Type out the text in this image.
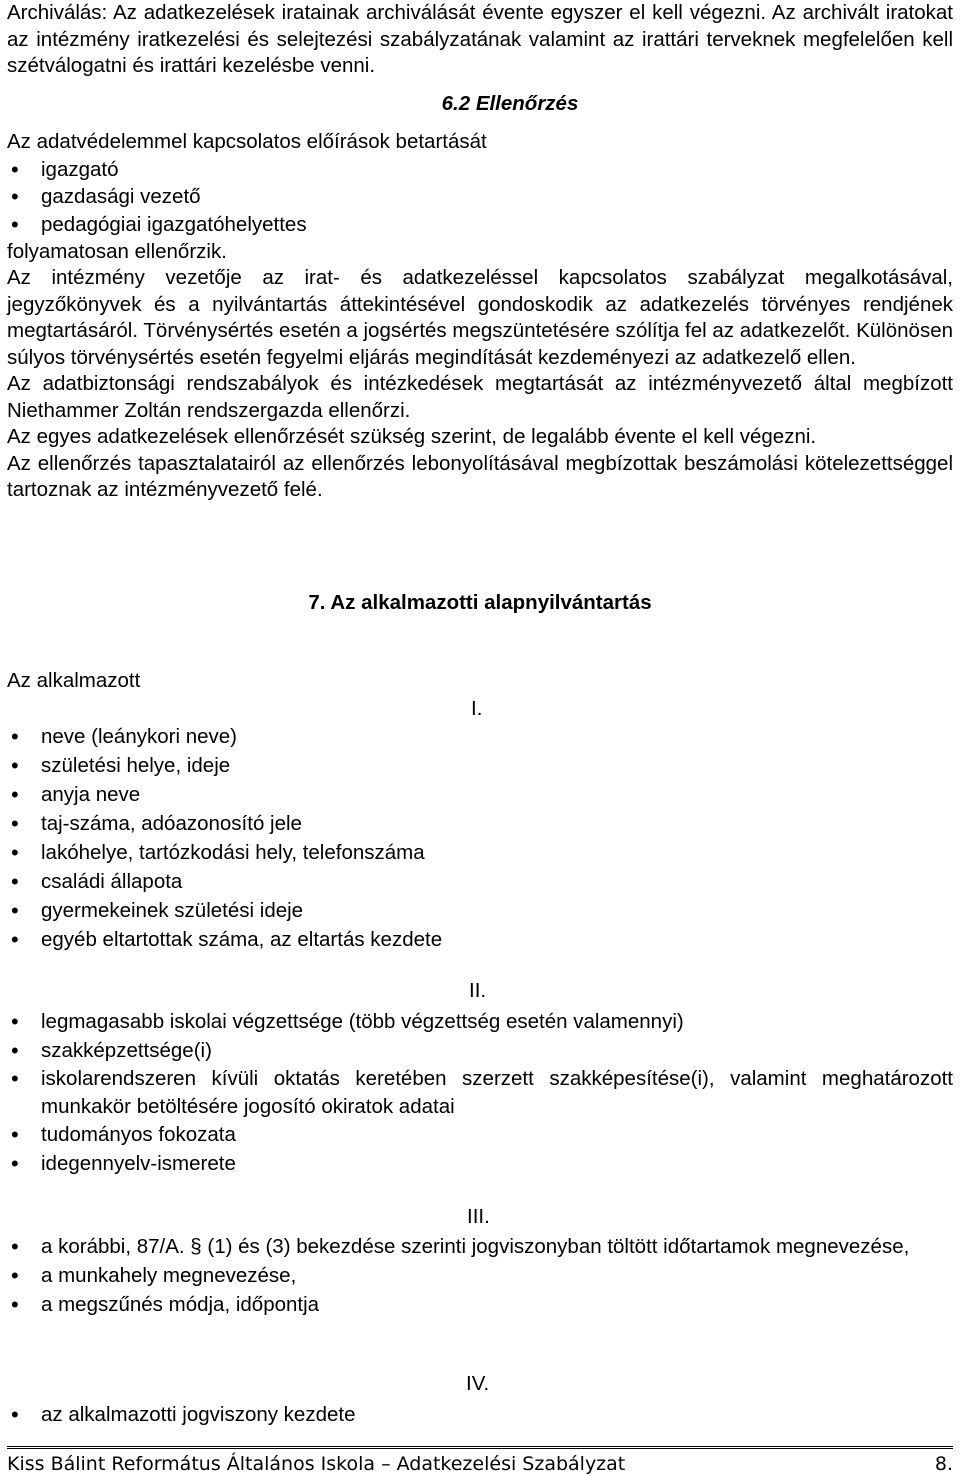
Archiválás: Az adatkezelések iratainak archiválását évente egyszer el kell végezni. Az archivált iratokat az intézmény iratkezelési és selejtezési szabályzatának valamint az irattári terveknek megfelelően kell szétválogatni és irattári kezelésbe venni.

6.2 Ellenőrzés

Az adatvédelemmel kapcsolatos előírások betartását

• igazgató
• gazdasági vezető
• pedagógiai igazgatóhelyettes

folyamatosan ellenőrzik.

Az intézmény vezetője az irat- és adatkezeléssel kapcsolatos szabályzat megalkotásával, jegyzőkönyvek és a nyilvántartás áttekintésével gondoskodik az adatkezelés törvényes rendjének megtartásáról. Törvénysértés esetén a jogsértés megszüntetésére szólítja fel az adatkezelőt. Különösen súlyos törvénysértés esetén fegyelmi eljárás megindítását kezdeményezi az adatkezelő ellen.

Az adatbiztonsági rendszabályok és intézkedések megtartását az intézményvezető által megbízott Niethammer Zoltán rendszergazda ellenőrzi.

Az egyes adatkezelések ellenőrzését szükség szerint, de legalább évente el kell végezni.

Az ellenőrzés tapasztalatairól az ellenőrzés lebonyolításával megbízottak beszámolási kötelezettséggel tartoznak az intézményvezető felé.

7. Az alkalmazotti alapnyilvántartás

Az alkalmazott

I.
• neve (leánykori neve)
• születési helye, ideje
• anyja neve
• taj-száma, adóazonosító jele
• lakóhelye, tartózkodási hely, telefonszáma
• családi állapota
• gyermekeinek születési ideje
• egyéb eltartottak száma, az eltartás kezdete
II.
• legmagasabb iskolai végzettsége (több végzettség esetén valamennyi)
• szakképzettsége(i)
• iskolarendszeren kívüli oktatás keretében szerzett szakképesítése(i), valamint meghatározott munkakör betöltésére jogosító okiratok adatai
• tudományos fokozata
• idegennyelv-ismerete
III.
• a korábbi, 87/A. § (1) és (3) bekezdése szerinti jogviszonyban töltött időtartamok megnevezése,
• a munkahely megnevezése,
• a megszűnés módja, időpontja
IV.
• az alkalmazotti jogviszony kezdete
Kiss Bálint Református Általános Iskola – Adatkezelési Szabályzat	8.
